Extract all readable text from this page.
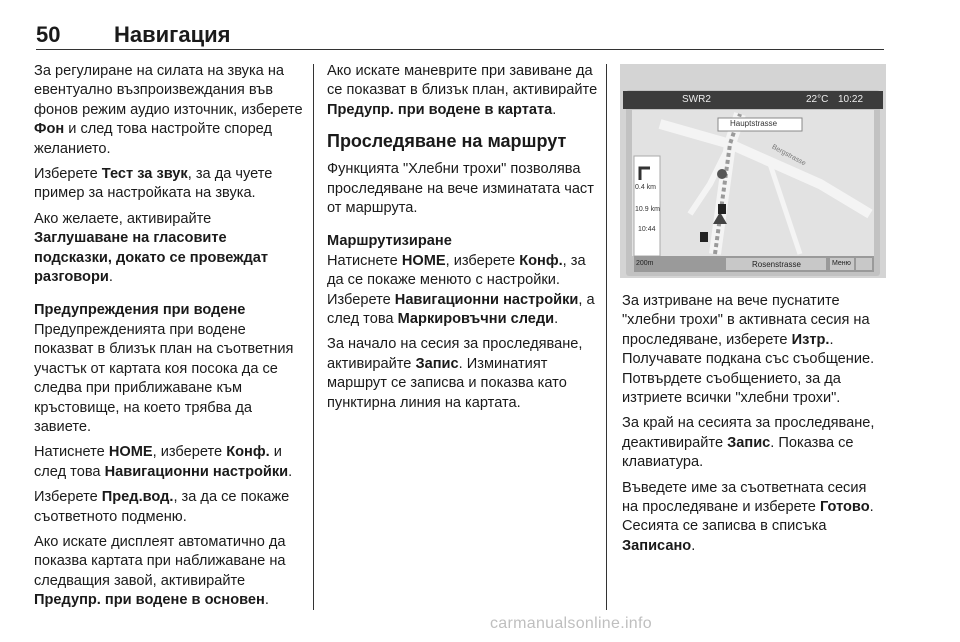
50 Навигация

За регулиране на силата на звука на евентуално възпроизвеждания във фонов режим аудио източник, изберете Фон и след това настройте според желанието.

Изберете Тест за звук, за да чуете пример за настройката на звука.

Ако желаете, активирайте Заглушаване на гласовите подсказки, докато се провеждат разговори.

Предупреждения при водене

Предупрежденията при водене показват в близък план на съответния участък от картата коя посока да се следва при приближаване към кръстовище, на което трябва да завиете.

Натиснете HOME, изберете Конф. и след това Навигационни настройки.

Изберете Пред.вод., за да се покаже съответното подменю.

Ако искате дисплеят автоматично да показва картата при наближаване на следващия завой, активирайте Предупр. при водене в основен.

Ако искате маневрите при завиване да се показват в близък план, активирайте Предупр. при водене в картата.

Проследяване на маршрут

Функцията "Хлебни трохи" позволява проследяване на вече изминатата част от маршрута.

Маршрутизиране

Натиснете HOME, изберете Конф., за да се покаже менюто с настройки. Изберете Навигационни настройки, а след това Маркировъчни следи.

За начало на сесия за проследяване, активирайте Запис. Изминатият маршрут се записва и показва като пунктирна линия на картата.

SWR2	22°C 10:22
Hauptstrasse
Bergstrasse
0.4 km
10.9 km
10:44
200m	Rosenstrasse	Меню

За изтриване на вече пуснатите "хлебни трохи" в активната сесия на проследяване, изберете Изтр.. Получавате подкана със съобщение. Потвърдете съобщението, за да изтриете всички "хлебни трохи".

За край на сесията за проследяване, деактивирайте Запис. Показва се клавиатура.

Въведете име за съответната сесия на проследяване и изберете Готово. Сесията се записва в списъка Записано.

carmanualsonline.info
